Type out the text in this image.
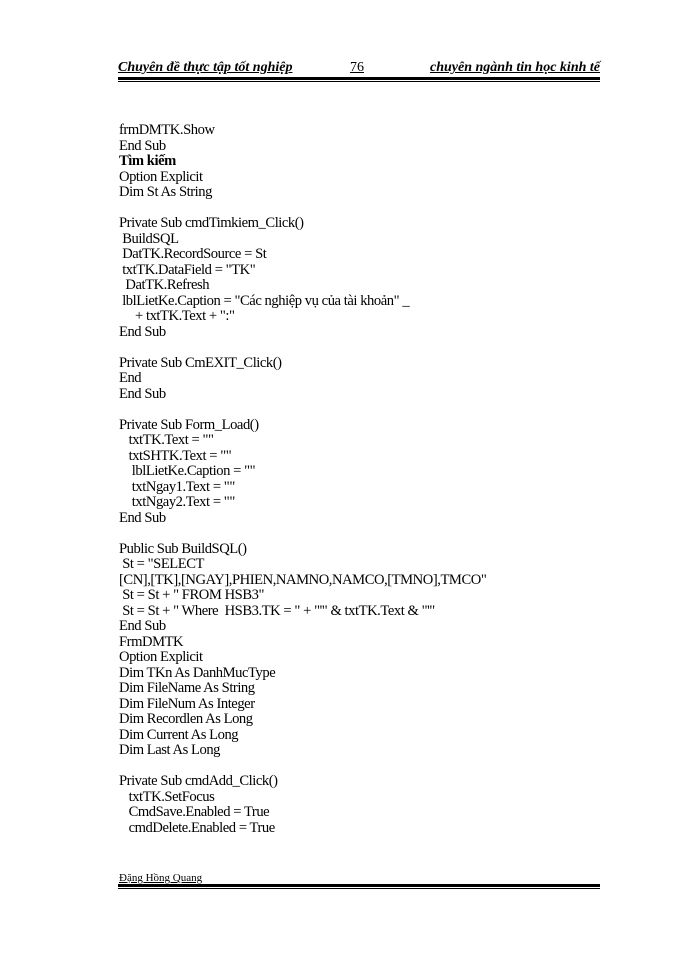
Chuyên đề thực tập tốt nghiệp	76	chuyên ngành tin học kinh tế
frmDMTK.Show
End Sub
Tìm kiếm
Option Explicit
Dim St As String
Private Sub cmdTimkiem_Click()
BuildSQL
DatTK.RecordSource = St
txtTK.DataField = "TK"
DatTK.Refresh
lblLietKe.Caption = "Các nghiệp vụ của tài khoản" _
+ txtTK.Text + ":"
End Sub
Private Sub CmEXIT_Click()
End
End Sub
Private Sub Form_Load()
txtTK.Text = ""
txtSHTK.Text = ""
lblLietKe.Caption = ""
txtNgay1.Text = ""
txtNgay2.Text = ""
End Sub
Public Sub BuildSQL()
St = "SELECT
[CN],[TK],[NGAY],PHIEN,NAMNO,NAMCO,[TMNO],TMCO"
St = St + " FROM HSB3"
St = St + " Where  HSB3.TK = " + "'" & txtTK.Text & "'"
End Sub
FrmDMTK
Option Explicit
Dim TKn As DanhMucType
Dim FileName As String
Dim FileNum As Integer
Dim Recordlen As Long
Dim Current As Long
Dim Last As Long
Private Sub cmdAdd_Click()
txtTK.SetFocus
CmdSave.Enabled = True
cmdDelete.Enabled = True
Đặng Hồng Quang
